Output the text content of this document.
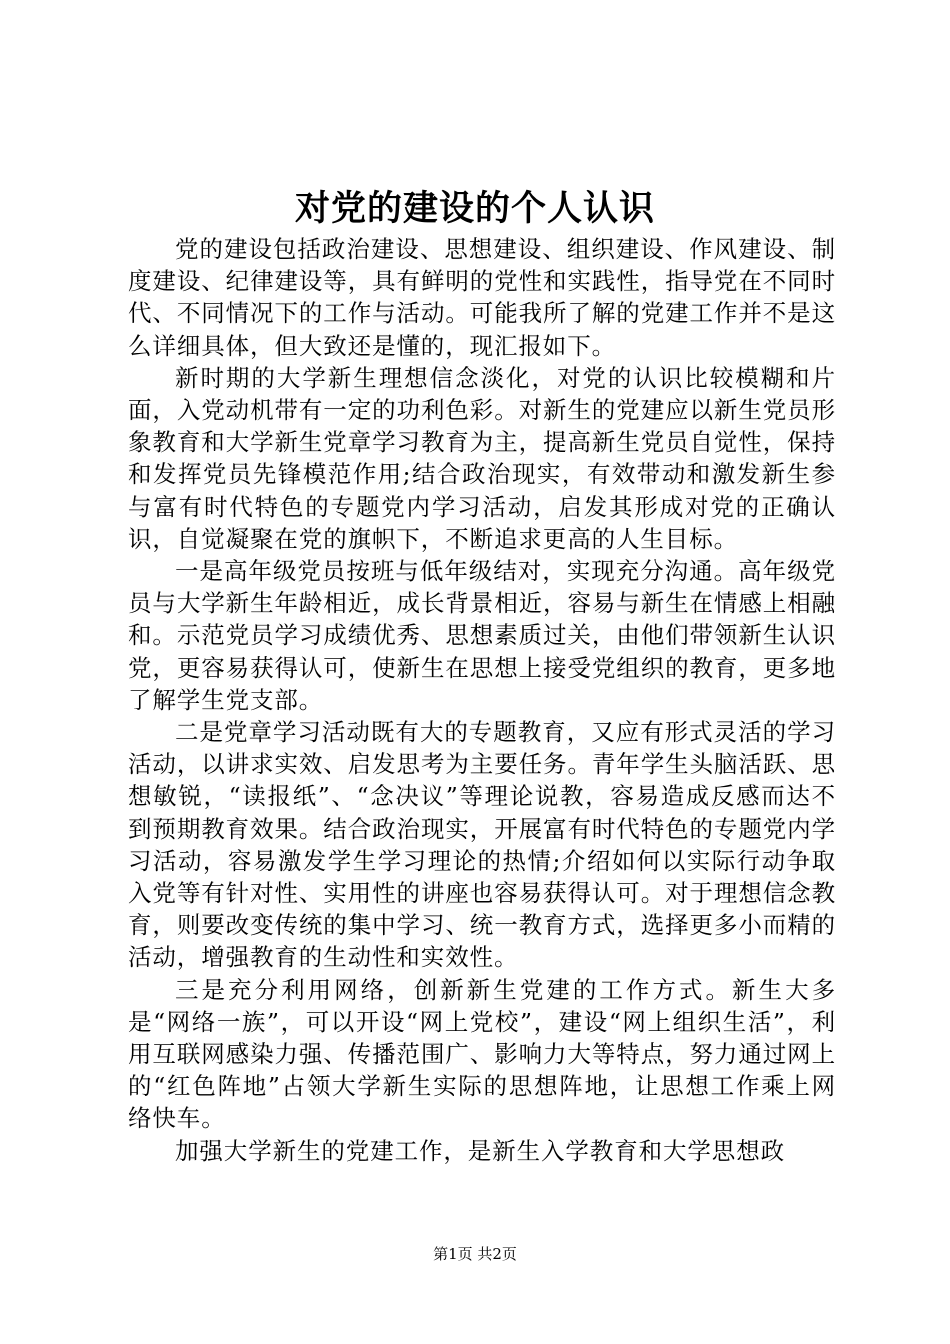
对党的建设的个人认识

党的建设包括政治建设、思想建设、组织建设、作风建设、制度建设、纪律建设等，具有鲜明的党性和实践性，指导党在不同时代、不同情况下的工作与活动。可能我所了解的党建工作并不是这么详细具体，但大致还是懂的，现汇报如下。

新时期的大学新生理想信念淡化，对党的认识比较模糊和片面，入党动机带有一定的功利色彩。对新生的党建应以新生党员形象教育和大学新生党章学习教育为主，提高新生党员自觉性，保持和发挥党员先锋模范作用;结合政治现实，有效带动和激发新生参与富有时代特色的专题党内学习活动，启发其形成对党的正确认识，自觉凝聚在党的旗帜下，不断追求更高的人生目标。

一是高年级党员按班与低年级结对，实现充分沟通。高年级党员与大学新生年龄相近，成长背景相近，容易与新生在情感上相融和。示范党员学习成绩优秀、思想素质过关，由他们带领新生认识党，更容易获得认可，使新生在思想上接受党组织的教育，更多地了解学生党支部。

二是党章学习活动既有大的专题教育，又应有形式灵活的学习活动，以讲求实效、启发思考为主要任务。青年学生头脑活跃、思想敏锐，“读报纸”、“念决议”等理论说教，容易造成反感而达不到预期教育效果。结合政治现实，开展富有时代特色的专题党内学习活动，容易激发学生学习理论的热情;介绍如何以实际行动争取入党等有针对性、实用性的讲座也容易获得认可。对于理想信念教育，则要改变传统的集中学习、统一教育方式，选择更多小而精的活动，增强教育的生动性和实效性。

三是充分利用网络，创新新生党建的工作方式。新生大多是“网络一族”，可以开设“网上党校”，建设“网上组织生活”，利用互联网感染力强、传播范围广、影响力大等特点，努力通过网上的“红色阵地”占领大学新生实际的思想阵地，让思想工作乘上网络快车。

加强大学新生的党建工作，是新生入学教育和大学思想政

第1页 共2页
